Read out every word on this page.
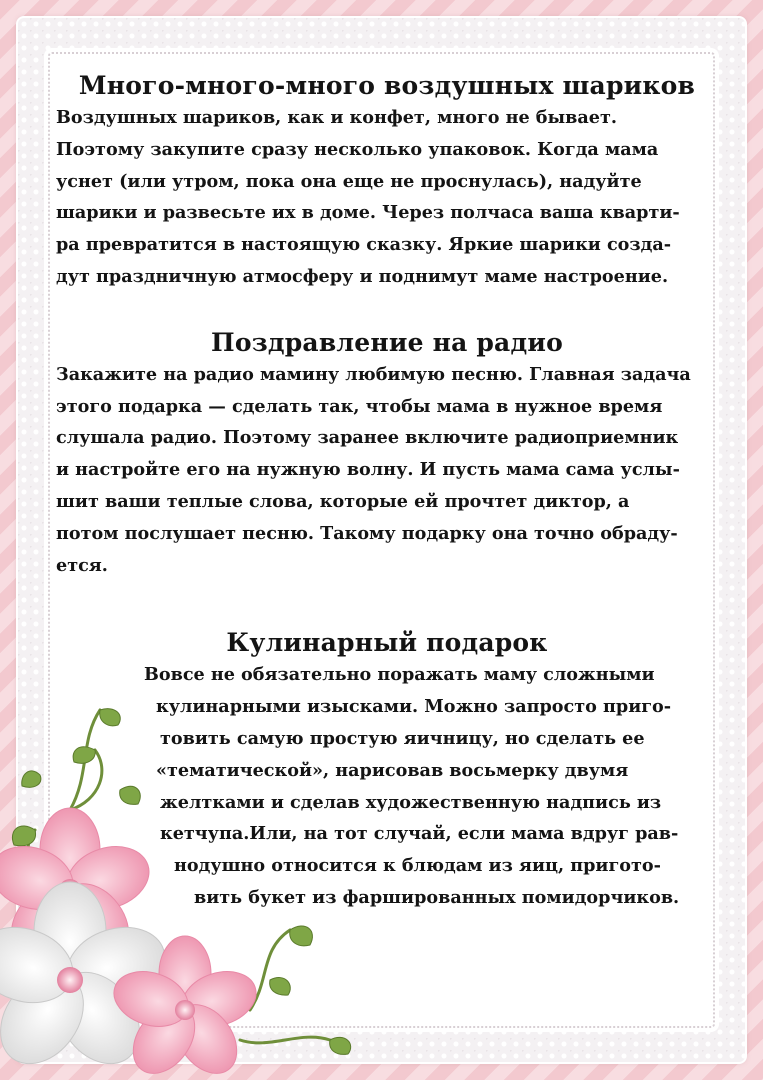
Много-много-много воздушных шариков

Воздушных шариков, как и конфет, много не бывает.
Поэтому закупите сразу несколько упаковок. Когда мама
уснет (или утром, пока она еще не проснулась), надуйте
шарики и развесьте их в доме. Через полчаса ваша кварти-
ра превратится в настоящую сказку. Яркие шарики созда-
дут праздничную атмосферу и поднимут маме настроение.

Поздравление на радио

Закажите на радио мамину любимую песню. Главная задача
этого подарка — сделать так, чтобы мама в нужное время
слушала радио. Поэтому заранее включите радиоприемник
и настройте его на нужную волну. И пусть мама сама услы-
шит ваши теплые слова, которые ей прочтет диктор, а
потом послушает песню. Такому подарку она точно обраду-
ется.

Кулинарный подарок

Вовсе не обязательно поражать маму сложными
кулинарными изысками. Можно запросто приго-
товить самую простую яичницу, но сделать ее
«тематической», нарисовав восьмерку двумя
желтками и сделав художественную надпись из
кетчупа.Или, на тот случай, если мама вдруг рав-
нодушно относится к блюдам из яиц, пригото-
вить букет из фаршированных помидорчиков.
